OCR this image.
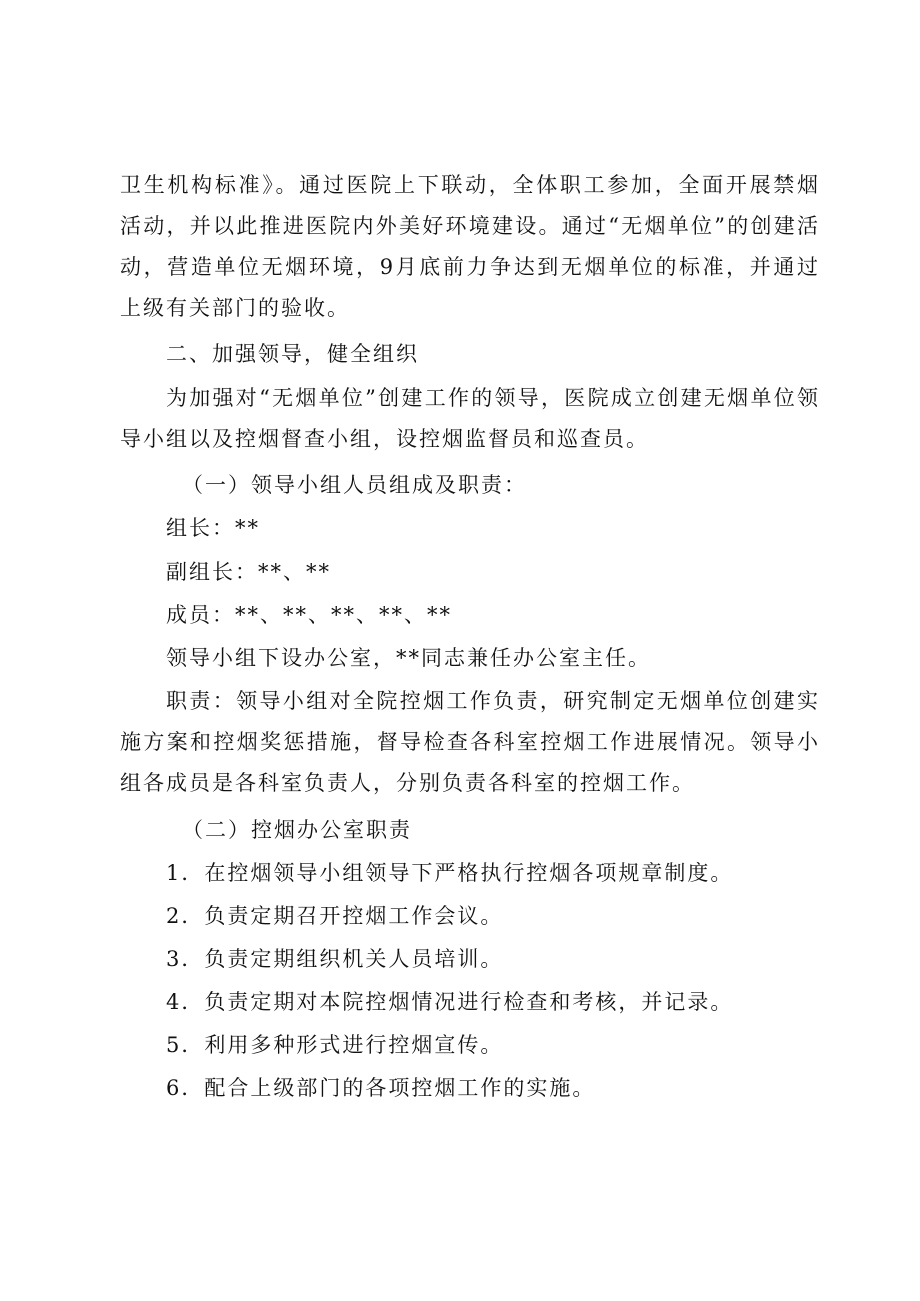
卫生机构标准》。通过医院上下联动，全体职工参加，全面开展禁烟活动，并以此推进医院内外美好环境建设。通过“无烟单位”的创建活动，营造单位无烟环境，9月底前力争达到无烟单位的标准，并通过上级有关部门的验收。

二、加强领导，健全组织

为加强对“无烟单位”创建工作的领导，医院成立创建无烟单位领导小组以及控烟督查小组，设控烟监督员和巡查员。

（一）领导小组人员组成及职责：

组长：**

副组长：**、**

成员：**、**、**、**、**

领导小组下设办公室，**同志兼任办公室主任。

职责：领导小组对全院控烟工作负责，研究制定无烟单位创建实施方案和控烟奖惩措施，督导检查各科室控烟工作进展情况。领导小组各成员是各科室负责人，分别负责各科室的控烟工作。

（二）控烟办公室职责

1．在控烟领导小组领导下严格执行控烟各项规章制度。

2．负责定期召开控烟工作会议。

3．负责定期组织机关人员培训。

4．负责定期对本院控烟情况进行检查和考核，并记录。

5．利用多种形式进行控烟宣传。

6．配合上级部门的各项控烟工作的实施。
